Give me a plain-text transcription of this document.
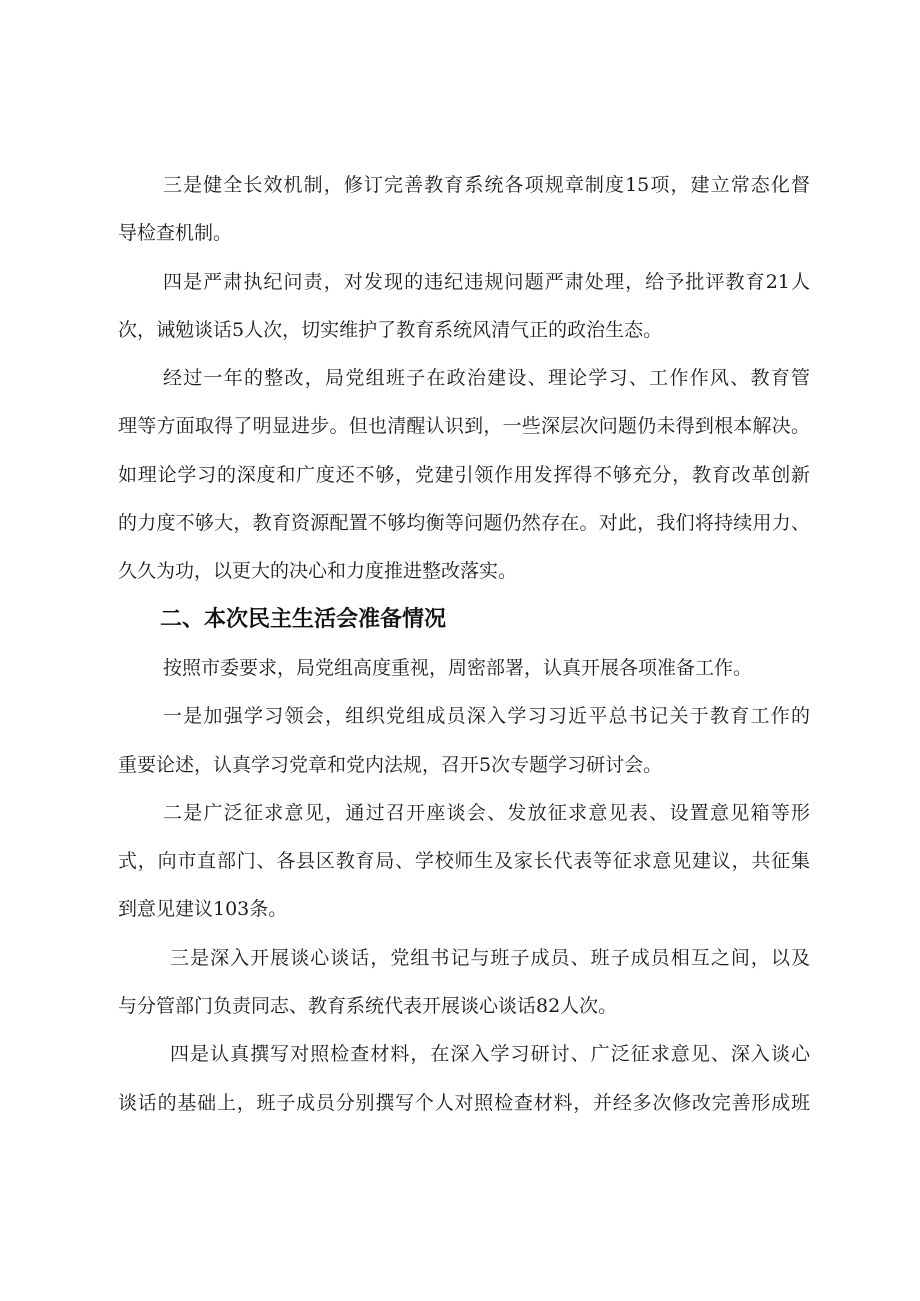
三是健全长效机制，修订完善教育系统各项规章制度15项，建立常态化督
导检查机制。
四是严肃执纪问责，对发现的违纪违规问题严肃处理，给予批评教育21人
次，诫勉谈话5人次，切实维护了教育系统风清气正的政治生态。
经过一年的整改，局党组班子在政治建设、理论学习、工作作风、教育管
理等方面取得了明显进步。但也清醒认识到，一些深层次问题仍未得到根本解决。
如理论学习的深度和广度还不够，党建引领作用发挥得不够充分，教育改革创新
的力度不够大，教育资源配置不够均衡等问题仍然存在。对此，我们将持续用力、
久久为功，以更大的决心和力度推进整改落实。
二、本次民主生活会准备情况
按照市委要求，局党组高度重视，周密部署，认真开展各项准备工作。
一是加强学习领会，组织党组成员深入学习习近平总书记关于教育工作的
重要论述，认真学习党章和党内法规，召开5次专题学习研讨会。
二是广泛征求意见，通过召开座谈会、发放征求意见表、设置意见箱等形
式，向市直部门、各县区教育局、学校师生及家长代表等征求意见建议，共征集
到意见建议103条。
三是深入开展谈心谈话，党组书记与班子成员、班子成员相互之间，以及
与分管部门负责同志、教育系统代表开展谈心谈话82人次。
四是认真撰写对照检查材料，在深入学习研讨、广泛征求意见、深入谈心
谈话的基础上，班子成员分别撰写个人对照检查材料，并经多次修改完善形成班
